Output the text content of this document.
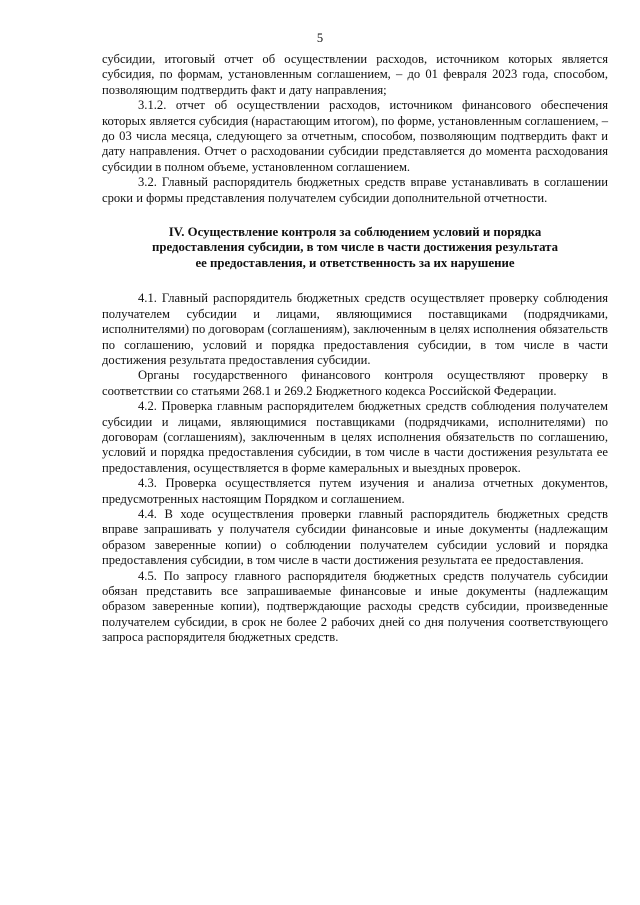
5

субсидии, итоговый отчет об осуществлении расходов, источником которых является субсидия, по формам, установленным соглашением, – до 01 февраля 2023 года, способом, позволяющим подтвердить факт и дату направления;

3.1.2. отчет об осуществлении расходов, источником финансового обеспечения которых является субсидия (нарастающим итогом), по форме, установленным соглашением, – до 03 числа месяца, следующего за отчетным, способом, позволяющим подтвердить факт и дату направления. Отчет о расходовании субсидии представляется до момента расходования субсидии в полном объеме, установленном соглашением.

3.2. Главный распорядитель бюджетных средств вправе устанавливать в соглашении сроки и формы представления получателем субсидии дополнительной отчетности.

IV. Осуществление контроля за соблюдением условий и порядка
предоставления субсидии, в том числе в части достижения результата
ее предоставления, и ответственность за их нарушение

4.1. Главный распорядитель бюджетных средств осуществляет проверку соблюдения получателем субсидии и лицами, являющимися поставщиками (подрядчиками, исполнителями) по договорам (соглашениям), заключенным в целях исполнения обязательств по соглашению, условий и порядка предоставления субсидии, в том числе в части достижения результата предоставления субсидии.

Органы государственного финансового контроля осуществляют проверку в соответствии со статьями 268.1 и 269.2 Бюджетного кодекса Российской Федерации.

4.2. Проверка главным распорядителем бюджетных средств соблюдения получателем субсидии и лицами, являющимися поставщиками (подрядчиками, исполнителями) по договорам (соглашениям), заключенным в целях исполнения обязательств по соглашению, условий и порядка предоставления субсидии, в том числе в части достижения результата ее предоставления, осуществляется в форме камеральных и выездных проверок.

4.3. Проверка осуществляется путем изучения и анализа отчетных документов, предусмотренных настоящим Порядком и соглашением.

4.4. В ходе осуществления проверки главный распорядитель бюджетных средств вправе запрашивать у получателя субсидии финансовые и иные документы (надлежащим образом заверенные копии) о соблюдении получателем субсидии условий и порядка предоставления субсидии, в том числе в части достижения результата ее предоставления.

4.5. По запросу главного распорядителя бюджетных средств получатель субсидии обязан представить все запрашиваемые финансовые и иные документы (надлежащим образом заверенные копии), подтверждающие расходы средств субсидии, произведенные получателем субсидии, в срок не более 2 рабочих дней со дня получения соответствующего запроса распорядителя бюджетных средств.
